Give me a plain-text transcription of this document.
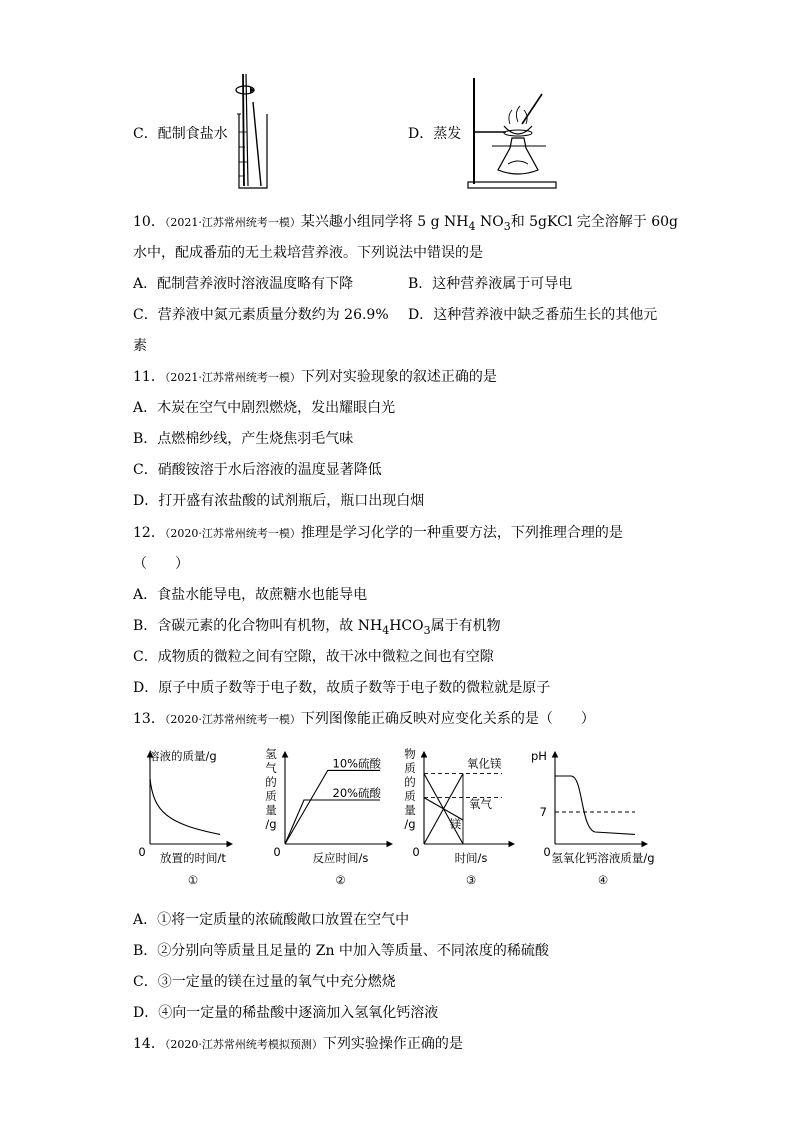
C．配制食盐水	D．蒸发
10．（2021·江苏常州统考一模）某兴趣小组同学将 5 g $NH_4$ $NO_3$和 5gKCl 完全溶解于 60g
水中，配成番茄的无土栽培营养液。下列说法中错误的是
A．配制营养液时溶液温度略有下降	B．这种营养液属于可导电
C．营养液中氮元素质量分数约为 26.9% D．这种营养液中缺乏番茄生长的其他元
素
11．（2021·江苏常州统考一模）下列对实验现象的叙述正确的是
A．木炭在空气中剧烈燃烧，发出耀眼白光
B．点燃棉纱线，产生烧焦羽毛气味
C．硝酸铵溶于水后溶液的温度显著降低
D．打开盛有浓盐酸的试剂瓶后，瓶口出现白烟
12．（2020·江苏常州统考一模）推理是学习化学的一种重要方法，下列推理合理的是
（　　）
A．食盐水能导电，故蔗糖水也能导电
B．含碳元素的化合物叫有机物，故 $NH_4HCO_3$属于有机物
C．成物质的微粒之间有空隙，故干冰中微粒之间也有空隙
D．原子中质子数等于电子数，故质子数等于电子数的微粒就是原子
13．（2020·江苏常州统考一模）下列图像能正确反映对应变化关系的是（　　）
0 放置的时间/t
①
溶液的质量/g
0	反应时间/s
②
氢
气
的
质
量
/g
10%硫酸
20%硫酸
0	时间/s
③
物
质
的
质
量
/g
氧化镁
氧气
镁
0 氢氧化钙溶液质量/g
④
pH
7
A．①将一定质量的浓硫酸敞口放置在空气中
B．②分别向等质量且足量的 Zn 中加入等质量、不同浓度的稀硫酸
C．③一定量的镁在过量的氧气中充分燃烧
D．④向一定量的稀盐酸中逐滴加入氢氧化钙溶液
14．（2020·江苏常州统考模拟预测）下列实验操作正确的是
